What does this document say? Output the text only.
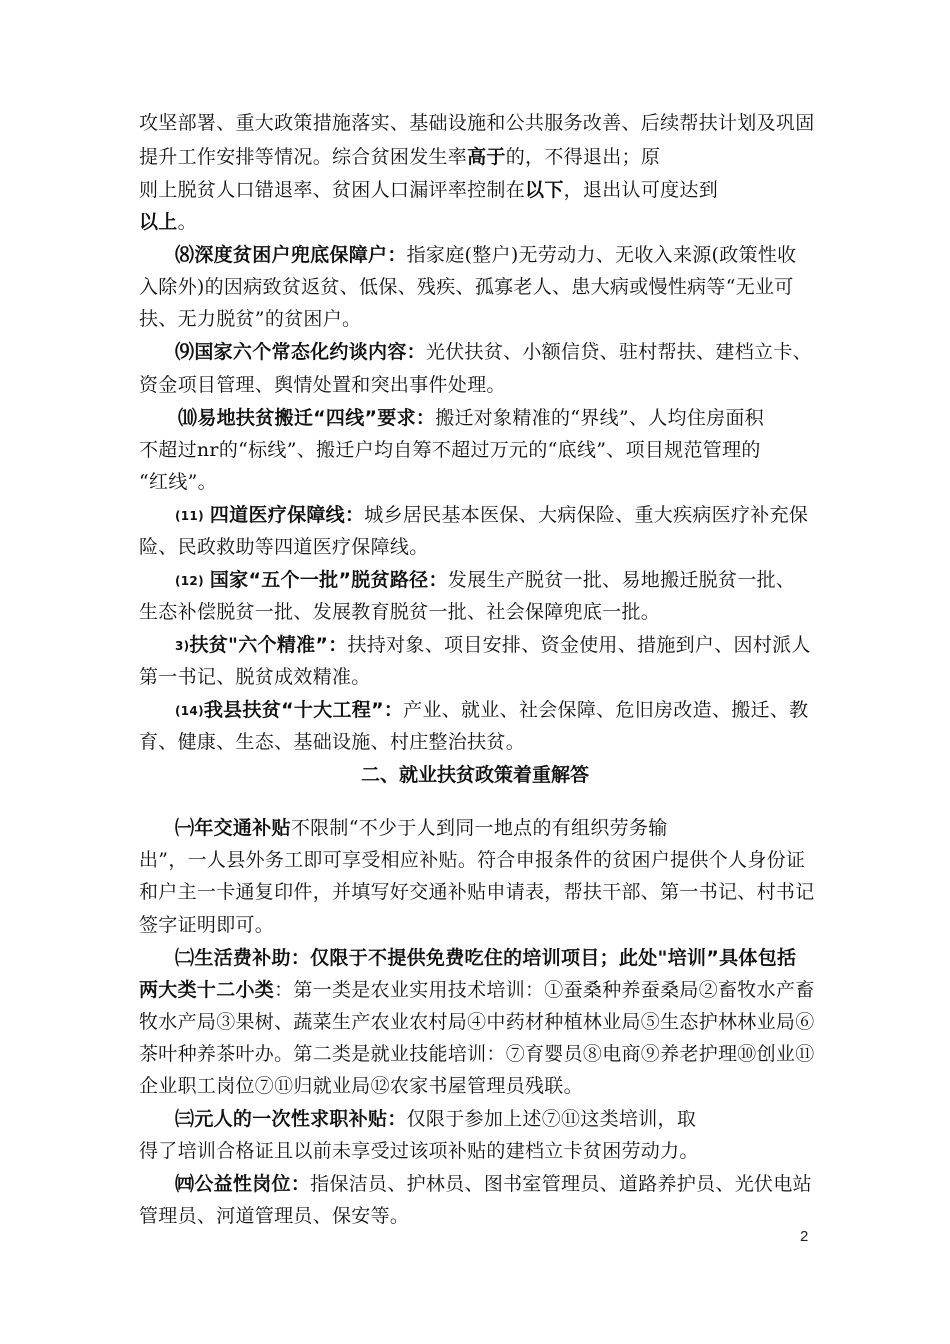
攻坚部署、重大政策措施落实、基础设施和公共服务改善、后续帮扶计划及巩固
提升工作安排等情况。综合贫困发生率高于的，不得退出；原
则上脱贫人口错退率、贫困人口漏评率控制在以下，退出认可度达到
以上。
⑻深度贫困户兜底保障户：指家庭(整户)无劳动力、无收入来源(政策性收
入除外)的因病致贫返贫、低保、残疾、孤寡老人、患大病或慢性病等“无业可
扶、无力脱贫”的贫困户。
⑼国家六个常态化约谈内容：光伏扶贫、小额信贷、驻村帮扶、建档立卡、
资金项目管理、舆情处置和突出事件处理。
⑽易地扶贫搬迁“四线”要求：搬迁对象精准的“界线”、人均住房面积
不超过nr的“标线”、搬迁户均自筹不超过万元的“底线”、项目规范管理的
“红线”。
(11) 四道医疗保障线：城乡居民基本医保、大病保险、重大疾病医疗补充保
险、民政救助等四道医疗保障线。
(12) 国家“五个一批”脱贫路径：发展生产脱贫一批、易地搬迁脱贫一批、
生态补偿脱贫一批、发展教育脱贫一批、社会保障兜底一批。
3)扶贫"六个精准”：扶持对象、项目安排、资金使用、措施到户、因村派人
第一书记、脱贫成效精准。
(14)我县扶贫“十大工程”：产业、就业、社会保障、危旧房改造、搬迁、教
育、健康、生态、基础设施、村庄整治扶贫。
二、就业扶贫政策着重解答
㈠年交通补贴不限制“不少于人到同一地点的有组织劳务输
出”，一人县外务工即可享受相应补贴。符合申报条件的贫困户提供个人身份证
和户主一卡通复印件，并填写好交通补贴申请表，帮扶干部、第一书记、村书记
签字证明即可。
㈡生活费补助：仅限于不提供免费吃住的培训项目；此处"培训”具体包括
两大类十二小类：第一类是农业实用技术培训：①蚕桑种养蚕桑局②畜牧水产畜
牧水产局③果树、蔬菜生产农业农村局④中药材种植林业局⑤生态护林林业局⑥
茶叶种养茶叶办。第二类是就业技能培训：⑦育婴员⑧电商⑨养老护理⑩创业⑪
企业职工岗位⑦⑪归就业局⑫农家书屋管理员残联。
㈢元人的一次性求职补贴：仅限于参加上述⑦⑪这类培训，取
得了培训合格证且以前未享受过该项补贴的建档立卡贫困劳动力。
㈣公益性岗位：指保洁员、护林员、图书室管理员、道路养护员、光伏电站
管理员、河道管理员、保安等。
2
